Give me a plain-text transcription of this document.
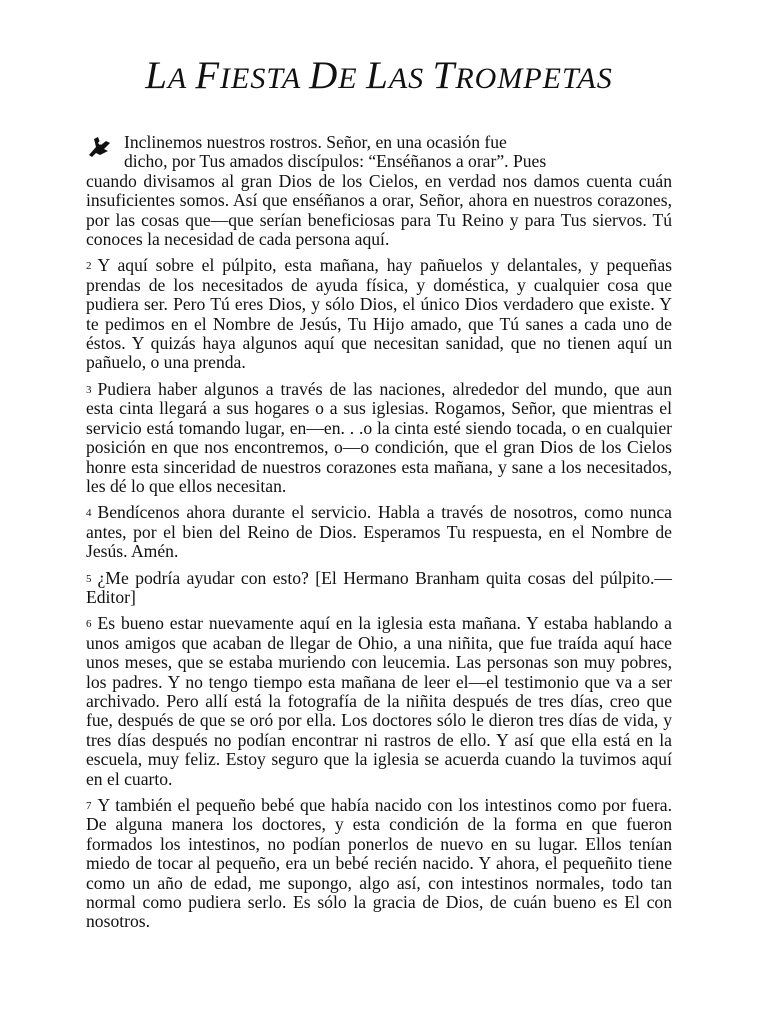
LA FIESTA DE LAS TROMPETAS
Inclinemos nuestros rostros. Señor, en una ocasión fue
dicho, por Tus amados discípulos: “Enséñanos a orar”. Pues
cuando divisamos al gran Dios de los Cielos, en verdad nos damos cuenta cuán insuficientes somos. Así que enséñanos a orar, Señor, ahora en nuestros corazones, por las cosas que—que serían beneficiosas para Tu Reino y para Tus siervos. Tú conoces la necesidad de cada persona aquí.

$^2$ Y aquí sobre el púlpito, esta mañana, hay pañuelos y delantales, y pequeñas prendas de los necesitados de ayuda física, y doméstica, y cualquier cosa que pudiera ser. Pero Tú eres Dios, y sólo Dios, el único Dios verdadero que existe. Y te pedimos en el Nombre de Jesús, Tu Hijo amado, que Tú sanes a cada uno de éstos. Y quizás haya algunos aquí que necesitan sanidad, que no tienen aquí un pañuelo, o una prenda.

$^3$ Pudiera haber algunos a través de las naciones, alrededor del mundo, que aun esta cinta llegará a sus hogares o a sus iglesias. Rogamos, Señor, que mientras el servicio está tomando lugar, en—en. . .o la cinta esté siendo tocada, o en cualquier posición en que nos encontremos, o—o condición, que el gran Dios de los Cielos honre esta sinceridad de nuestros corazones esta mañana, y sane a los necesitados, les dé lo que ellos necesitan.

$^4$ Bendícenos ahora durante el servicio. Habla a través de nosotros, como nunca antes, por el bien del Reino de Dios. Esperamos Tu respuesta, en el Nombre de Jesús. Amén.

$^5$ ¿Me podría ayudar con esto? [El Hermano Branham quita cosas del púlpito.—Editor]

$^6$ Es bueno estar nuevamente aquí en la iglesia esta mañana. Y estaba hablando a unos amigos que acaban de llegar de Ohio, a una niñita, que fue traída aquí hace unos meses, que se estaba muriendo con leucemia. Las personas son muy pobres, los padres. Y no tengo tiempo esta mañana de leer el—el testimonio que va a ser archivado. Pero allí está la fotografía de la niñita después de tres días, creo que fue, después de que se oró por ella. Los doctores sólo le dieron tres días de vida, y tres días después no podían encontrar ni rastros de ello. Y así que ella está en la escuela, muy feliz. Estoy seguro que la iglesia se acuerda cuando la tuvimos aquí en el cuarto.

$^7$ Y también el pequeño bebé que había nacido con los intestinos como por fuera. De alguna manera los doctores, y esta condición de la forma en que fueron formados los intestinos, no podían ponerlos de nuevo en su lugar. Ellos tenían miedo de tocar al pequeño, era un bebé recién nacido. Y ahora, el pequeñito tiene como un año de edad, me supongo, algo así, con intestinos normales, todo tan normal como pudiera serlo. Es sólo la gracia de Dios, de cuán bueno es El con nosotros.
